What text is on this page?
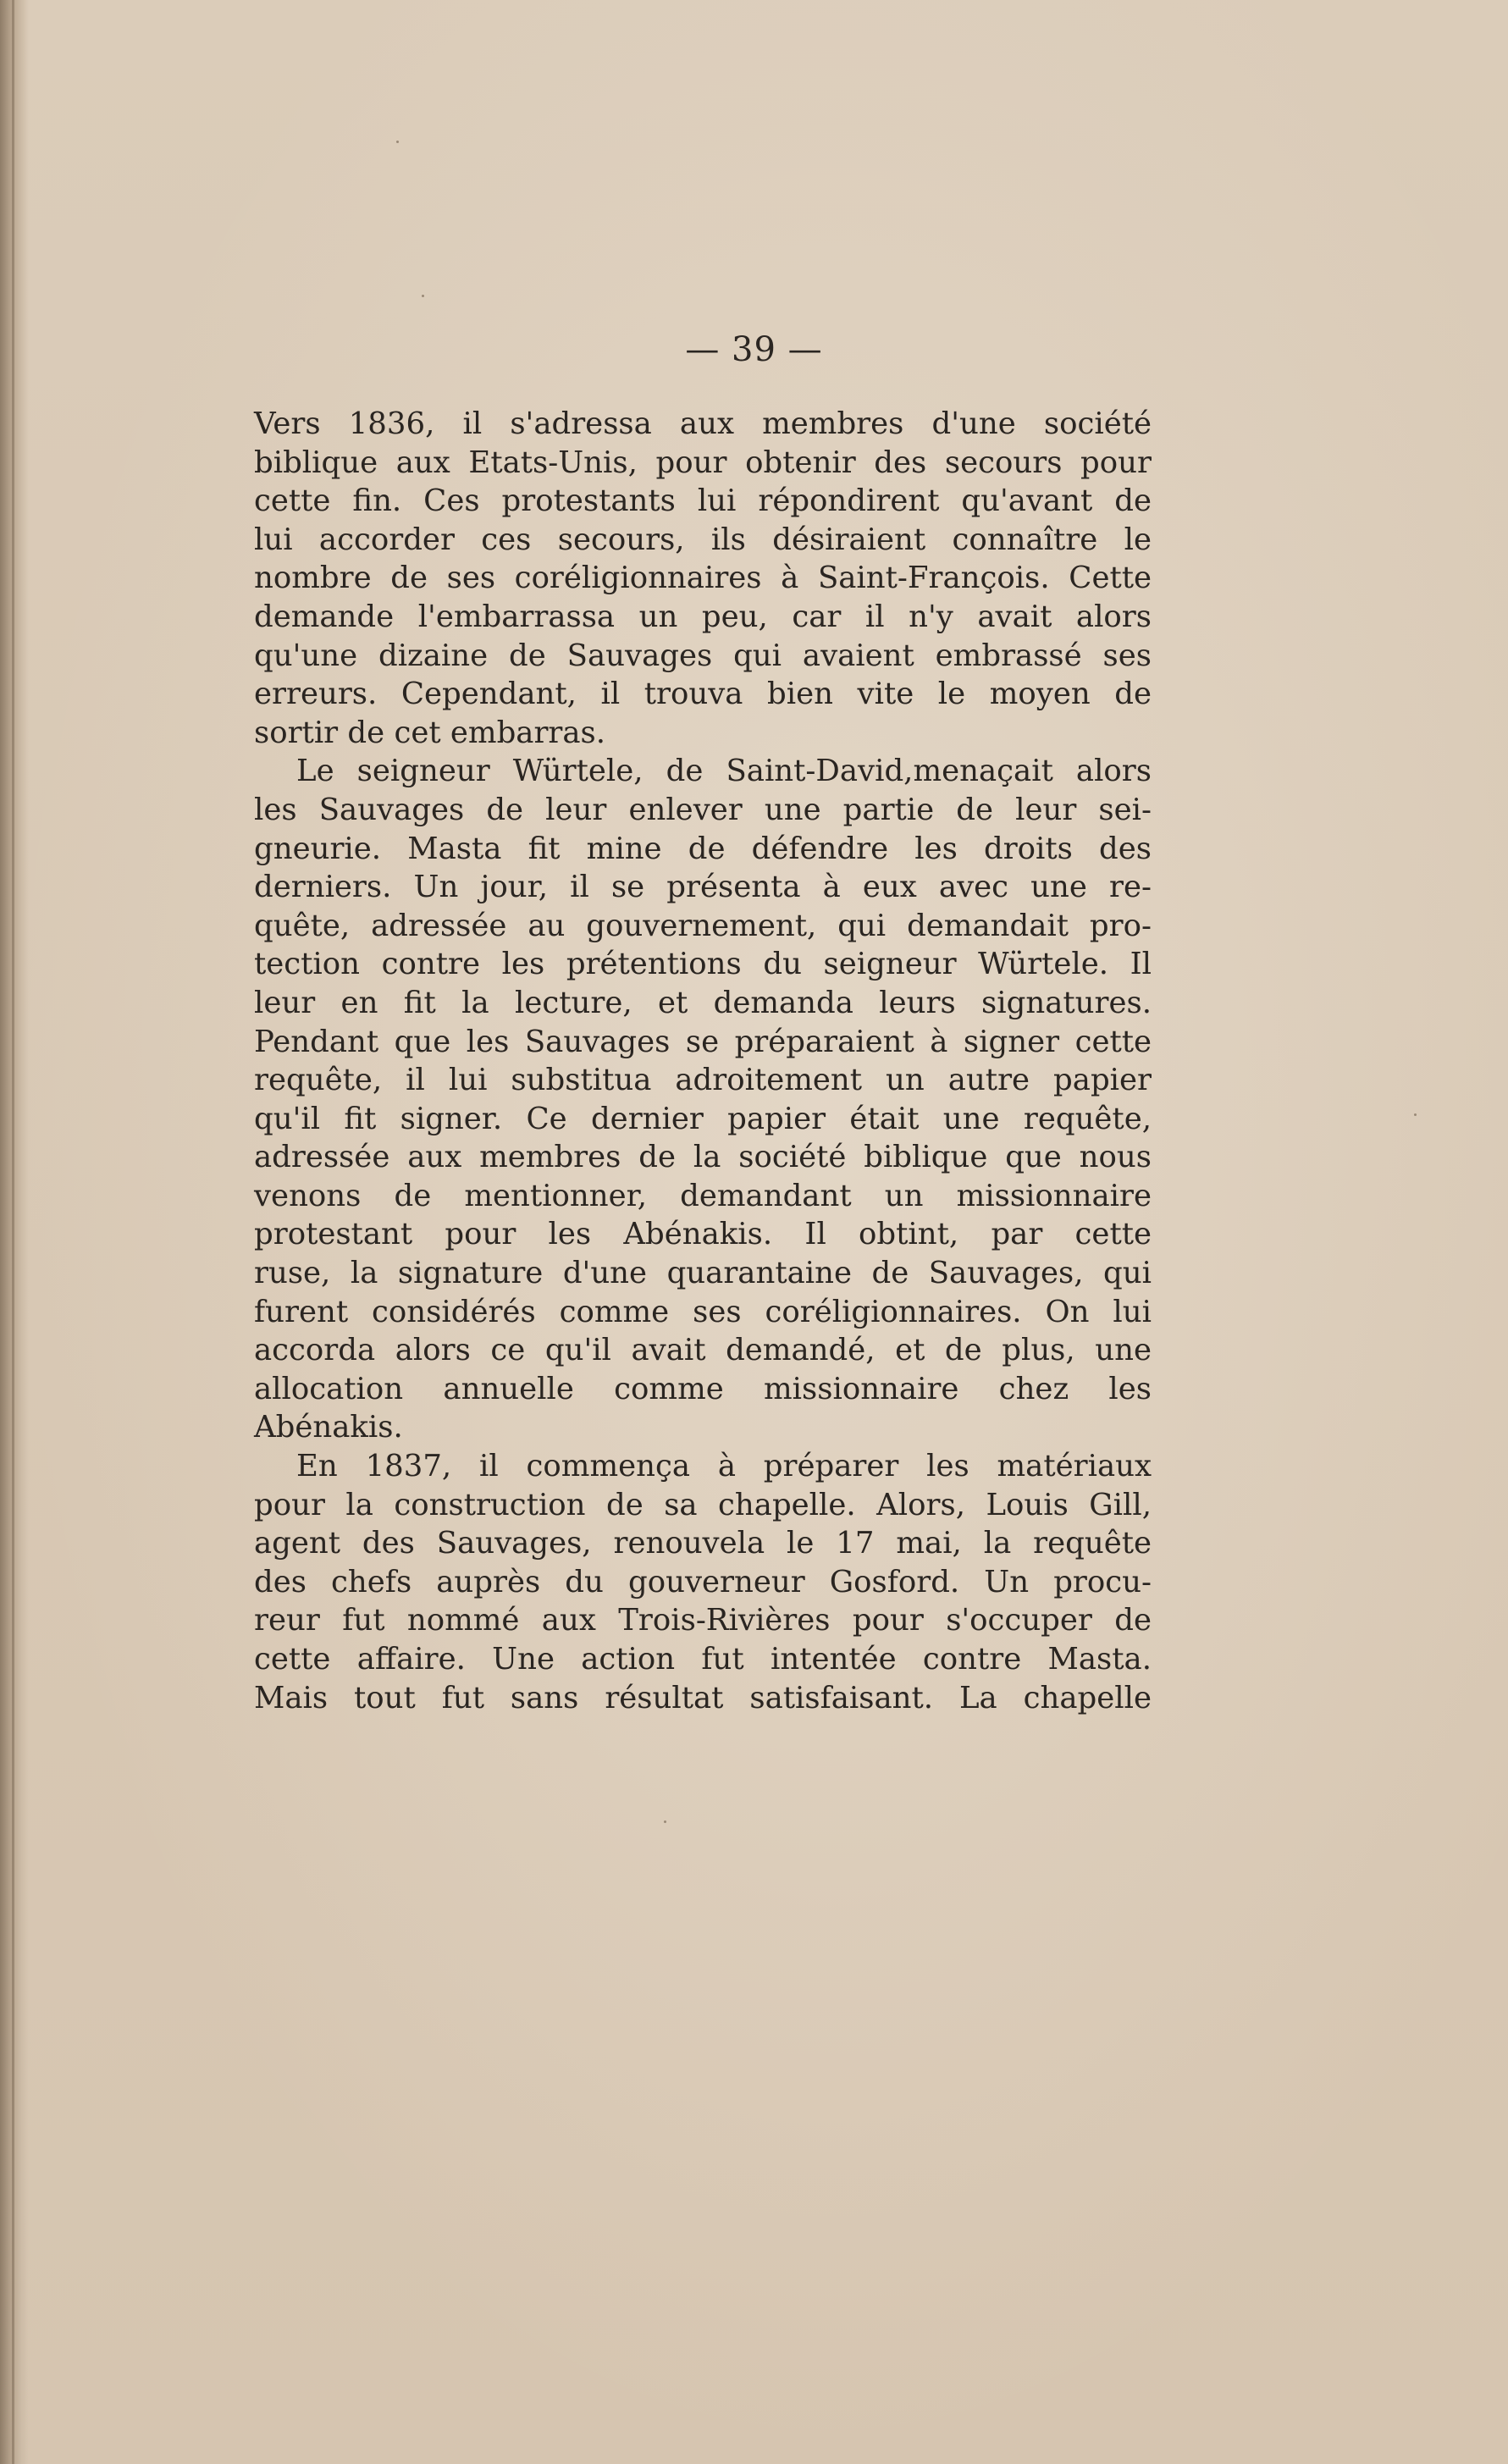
— 39 —
Vers 1836, il s'adressa aux membres d'une société
biblique aux Etats-Unis, pour obtenir des secours pour
cette fin. Ces protestants lui répondirent qu'avant de
lui accorder ces secours, ils désiraient connaître le
nombre de ses coréligionnaires à Saint-François. Cette
demande l'embarrassa un peu, car il n'y avait alors
qu'une dizaine de Sauvages qui avaient embrassé ses
erreurs. Cependant, il trouva bien vite le moyen de
sortir de cet embarras.
Le seigneur Würtele, de Saint-David,menaçait alors
les Sauvages de leur enlever une partie de leur sei-
gneurie. Masta fit mine de défendre les droits des
derniers. Un jour, il se présenta à eux avec une re-
quête, adressée au gouvernement, qui demandait pro-
tection contre les prétentions du seigneur Würtele. Il
leur en fit la lecture, et demanda leurs signatures.
Pendant que les Sauvages se préparaient à signer cette
requête, il lui substitua adroitement un autre papier
qu'il fit signer. Ce dernier papier était une requête,
adressée aux membres de la société biblique que nous
venons de mentionner, demandant un missionnaire
protestant pour les Abénakis. Il obtint, par cette
ruse, la signature d'une quarantaine de Sauvages, qui
furent considérés comme ses coréligionnaires. On lui
accorda alors ce qu'il avait demandé, et de plus, une
allocation annuelle comme missionnaire chez les
Abénakis.
En 1837, il commença à préparer les matériaux
pour la construction de sa chapelle. Alors, Louis Gill,
agent des Sauvages, renouvela le 17 mai, la requête
des chefs auprès du gouverneur Gosford. Un procu-
reur fut nommé aux Trois-Rivières pour s'occuper de
cette affaire. Une action fut intentée contre Masta.
Mais tout fut sans résultat satisfaisant. La chapelle
